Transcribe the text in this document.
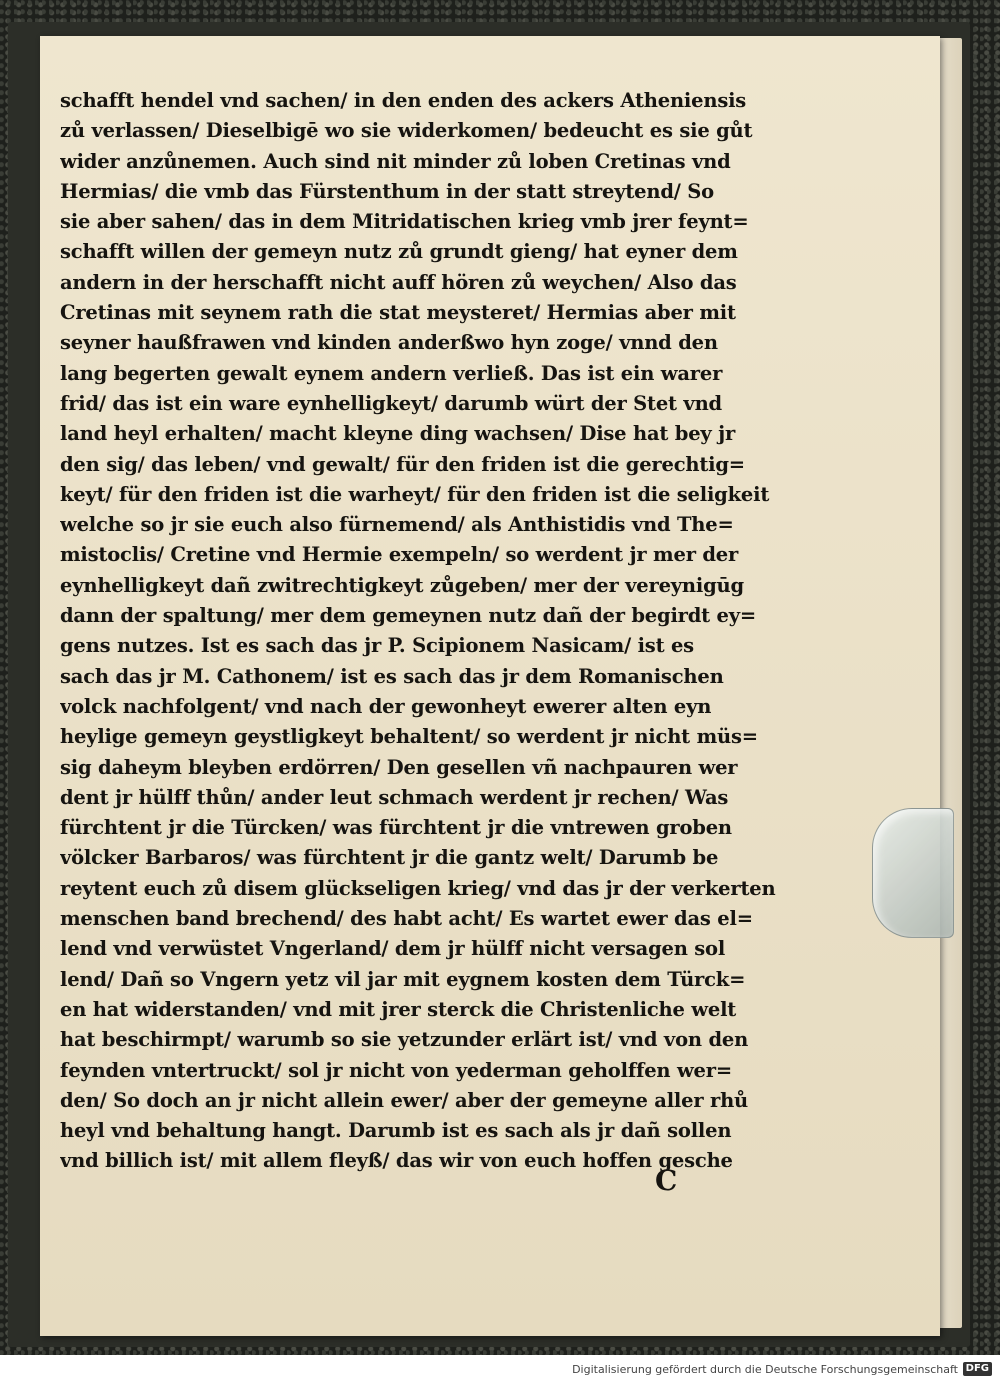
schafft hendel vnd sachen/ in den enden des ackers Atheniensis
zů verlassen/ Dieselbigē wo sie widerkomen/ bedeucht es sie gůt
wider anzůnemen. Auch sind nit minder zů loben Cretinas vnd
Hermias/ die vmb das Fürstenthum in der statt streytend/ So
sie aber sahen/ das in dem Mitridatischen krieg vmb jrer feynt=
schafft willen der gemeyn nutz zů grundt gieng/ hat eyner dem
andern in der herschafft nicht auff hören zů weychen/ Also das
Cretinas mit seynem rath die stat meysteret/ Hermias aber mit
seyner haußfrawen vnd kinden anderßwo hyn zoge/ vnnd den
lang begerten gewalt eynem andern verließ. Das ist ein warer
frid/ das ist ein ware eynhelligkeyt/ darumb würt der Stet vnd
land heyl erhalten/ macht kleyne ding wachsen/ Dise hat bey jr
den sig/ das leben/ vnd gewalt/ für den friden ist die gerechtig=
keyt/ für den friden ist die warheyt/ für den friden ist die seligkeit
welche so jr sie euch also fürnemend/ als Anthistidis vnd The=
mistoclis/ Cretine vnd Hermie exempeln/ so werdent jr mer der
eynhelligkeyt dañ zwitrechtigkeyt zůgeben/ mer der vereynigūg
dann der spaltung/ mer dem gemeynen nutz dañ der begirdt ey=
gens nutzes. Ist es sach das jr P. Scipionem Nasicam/ ist es
sach das jr M. Cathonem/ ist es sach das jr dem Romanischen
volck nachfolgent/ vnd nach der gewonheyt ewerer alten eyn
heylige gemeyn geystligkeyt behaltent/ so werdent jr nicht müs=
sig daheym bleyben erdörren/ Den gesellen vñ nachpauren wer
dent jr hülff thůn/ ander leut schmach werdent jr rechen/ Was
fürchtent jr die Türcken/ was fürchtent jr die vntrewen groben
völcker Barbaros/ was fürchtent jr die gantz welt/ Darumb be
reytent euch zů disem glückseligen krieg/ vnd das jr der verkerten
menschen band brechend/ des habt acht/ Es wartet ewer das el=
lend vnd verwüstet Vngerland/ dem jr hülff nicht versagen sol
lend/ Dañ so Vngern yetz vil jar mit eygnem kosten dem Türck=
en hat widerstanden/ vnd mit jrer sterck die Christenliche welt
hat beschirmpt/ warumb so sie yetzunder erlärt ist/ vnd von den
feynden vntertruckt/ sol jr nicht von yederman geholffen wer=
den/ So doch an jr nicht allein ewer/ aber der gemeyne aller rhů
heyl vnd behaltung hangt. Darumb ist es sach als jr dañ sollen
vnd billich ist/ mit allem fleyß/ das wir von euch hoffen gesche
C
Digitalisierung gefördert durch die Deutsche Forschungsgemeinschaft DFG
